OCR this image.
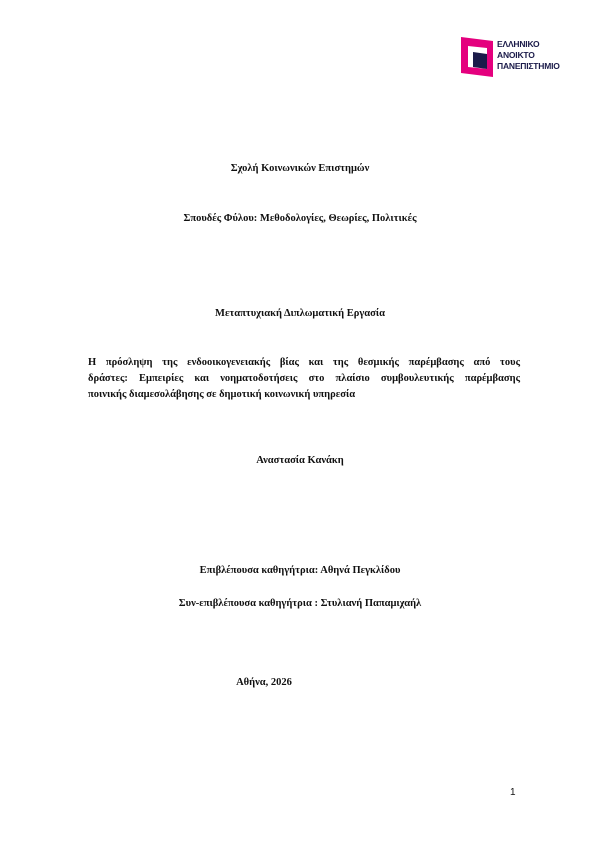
ΕΛΛΗΝΙΚΟ
ΑΝΟΙΚΤΟ
ΠΑΝΕΠΙΣΤΗΜΙΟ
Σχολή Κοινωνικών Επιστημών
Σπουδές Φύλου: Μεθοδολογίες, Θεωρίες, Πολιτικές
Μεταπτυχιακή Διπλωματική Εργασία
Η πρόσληψη της ενδοοικογενειακής βίας και της θεσμικής παρέμβασης από τους
δράστες: Εμπειρίες και νοηματοδοτήσεις στο πλαίσιο συμβουλευτικής παρέμβασης
ποινικής διαμεσολάβησης σε δημοτική κοινωνική υπηρεσία
Αναστασία Κανάκη
Επιβλέπουσα καθηγήτρια: Αθηνά Πεγκλίδου
Συν-επιβλέπουσα καθηγήτρια : Στυλιανή Παπαμιχαήλ
Αθήνα, 2026
1
